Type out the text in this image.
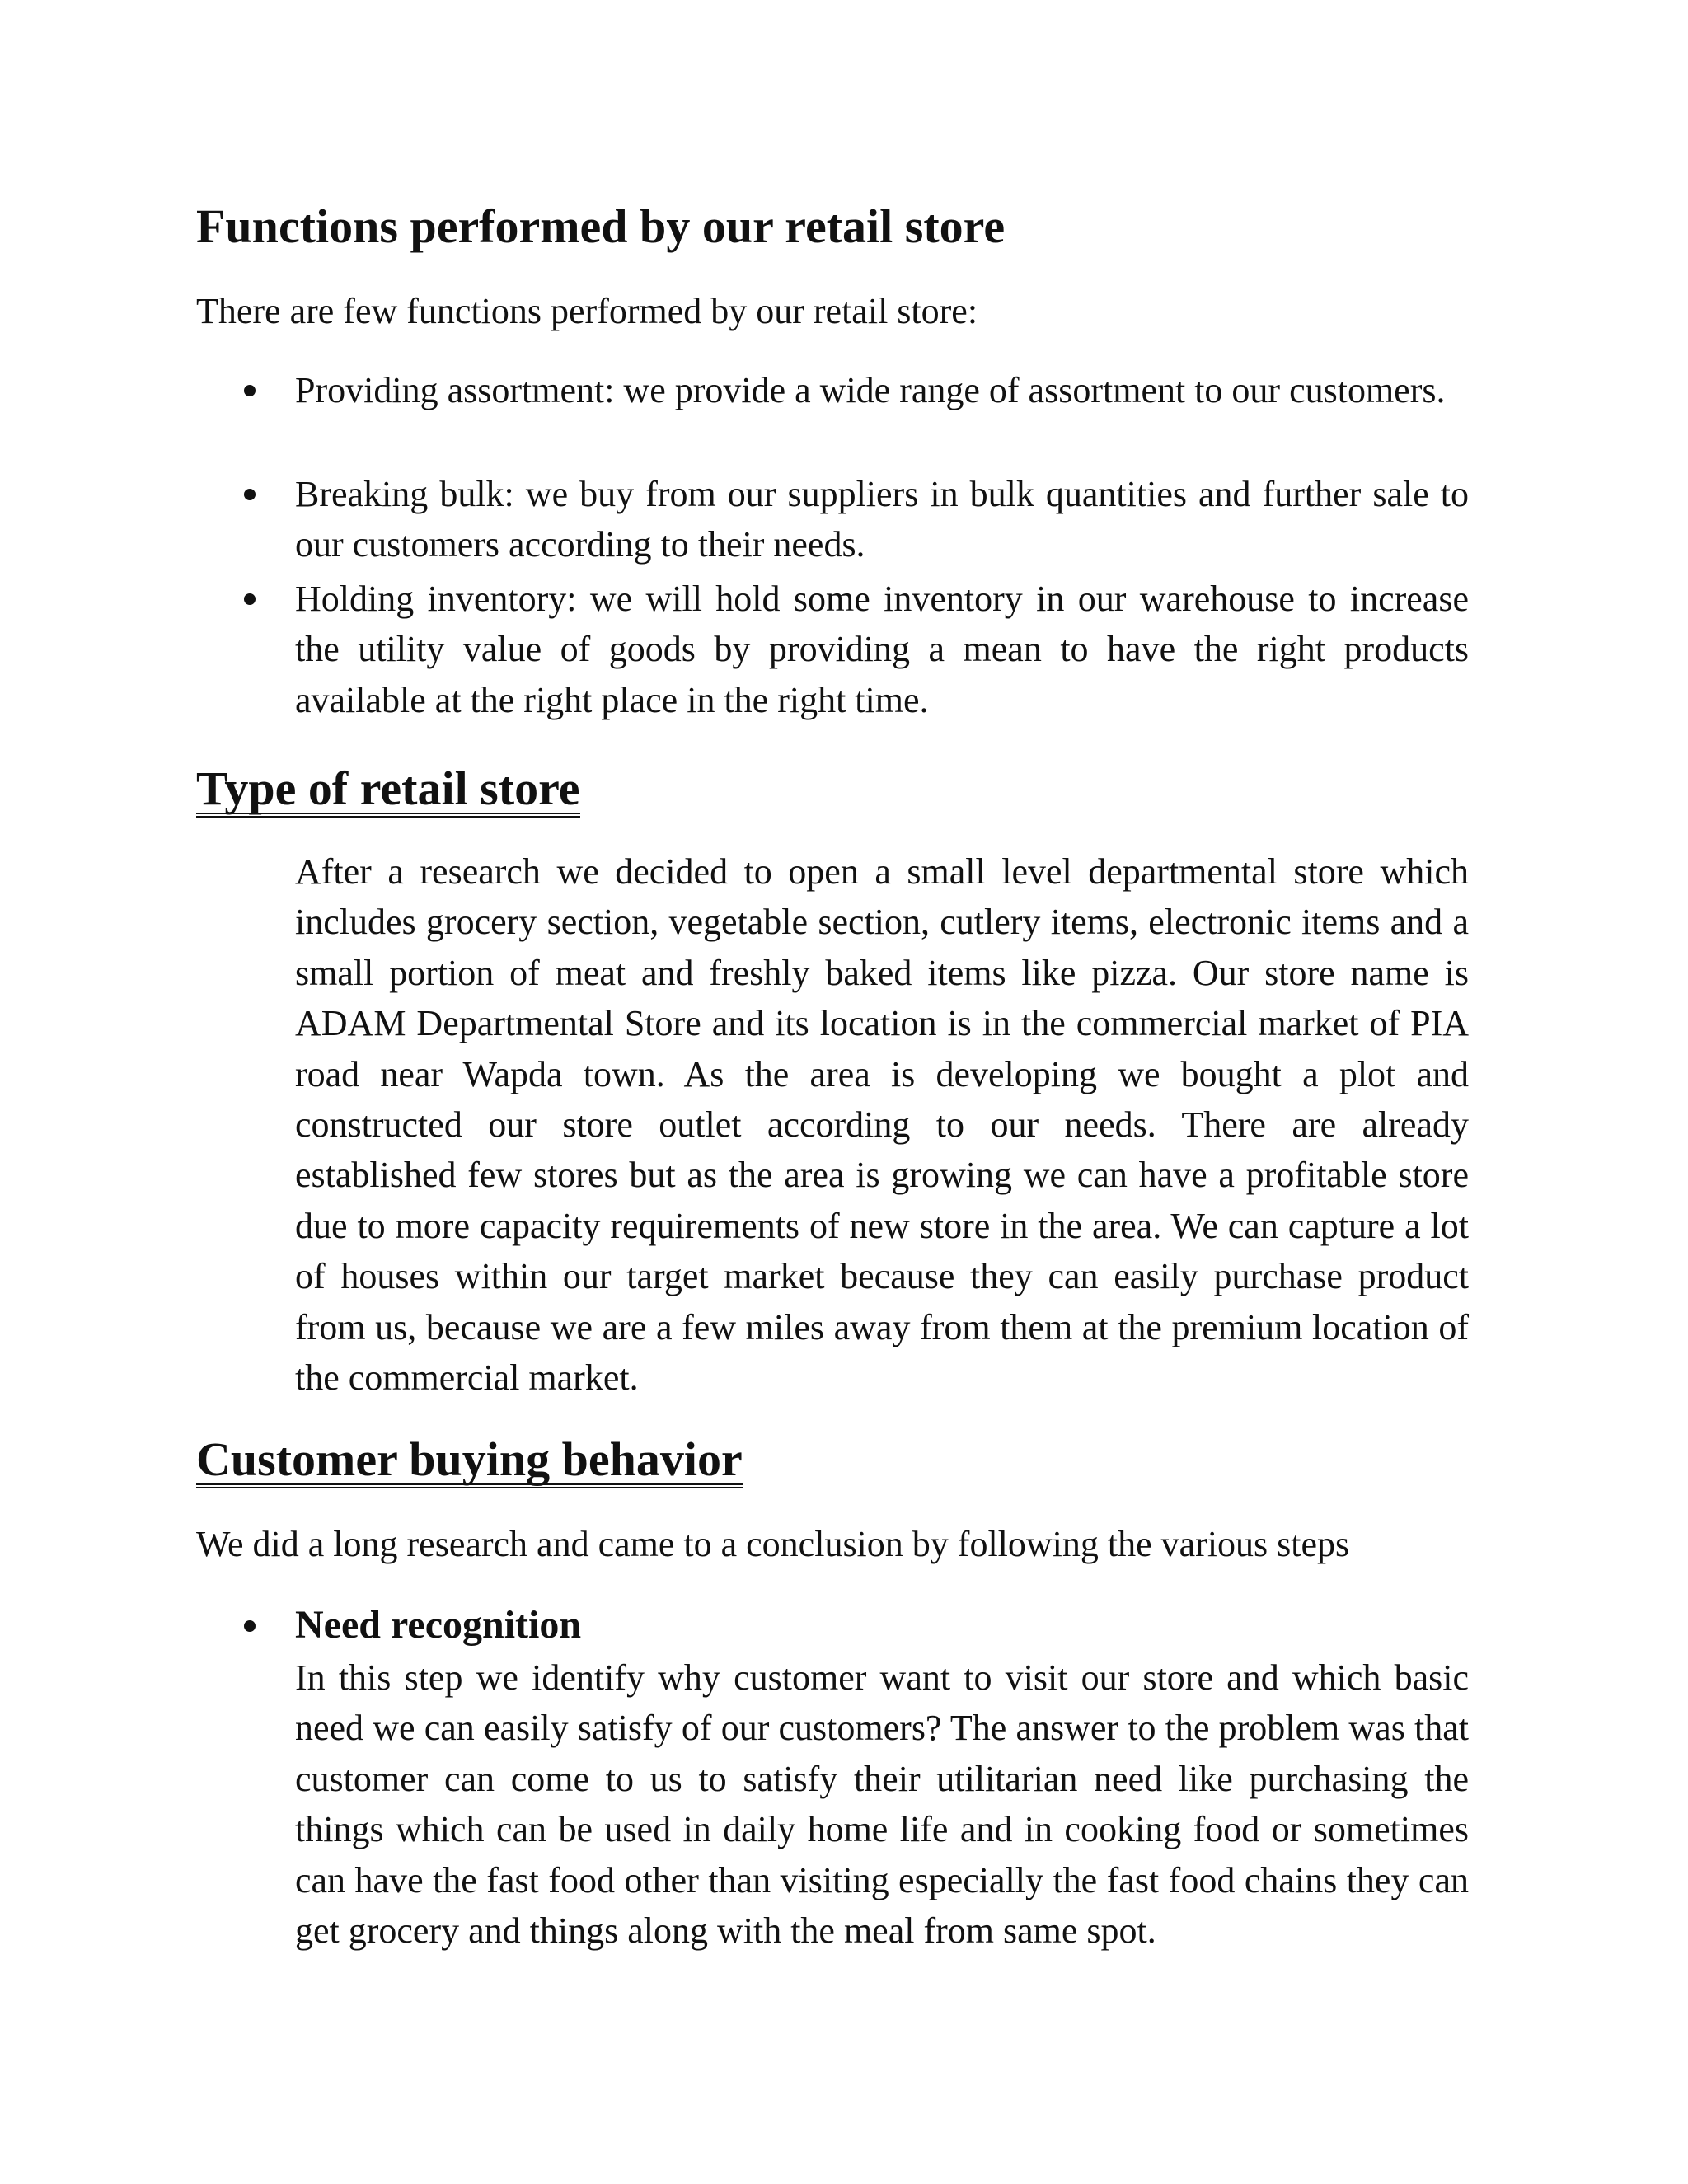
Functions performed by our retail store

There are few functions performed by our retail store:

Providing assortment: we provide a wide range of assortment to our customers.

Breaking bulk: we buy from our suppliers in bulk quantities and further sale to our customers according to their needs.

Holding inventory: we will hold some inventory in our warehouse to increase the utility value of goods by providing a mean to have the right products available at the right place in the right time.

Type of retail store

After a research we decided to open a small level departmental store which includes grocery section, vegetable section, cutlery items, electronic items and a small portion of meat and freshly baked items like pizza. Our store name is ADAM Departmental Store and its location is in the commercial market of PIA road near Wapda town. As the area is developing we bought a plot and constructed our store outlet according to our needs. There are already established few stores but as the area is growing we can have a profitable store due to more capacity requirements of new store in the area. We can capture a lot of houses within our target market because they can easily purchase product from us, because we are a few miles away from them at the premium location of the commercial market.

Customer buying behavior

We did a long research and came to a conclusion by following the various steps

Need recognition

In this step we identify why customer want to visit our store and which basic need we can easily satisfy of our customers? The answer to the problem was that customer can come to us to satisfy their utilitarian need like purchasing the things which can be used in daily home life and in cooking food or sometimes can have the fast food other than visiting especially the fast food chains they can get grocery and things along with the meal from same spot.
